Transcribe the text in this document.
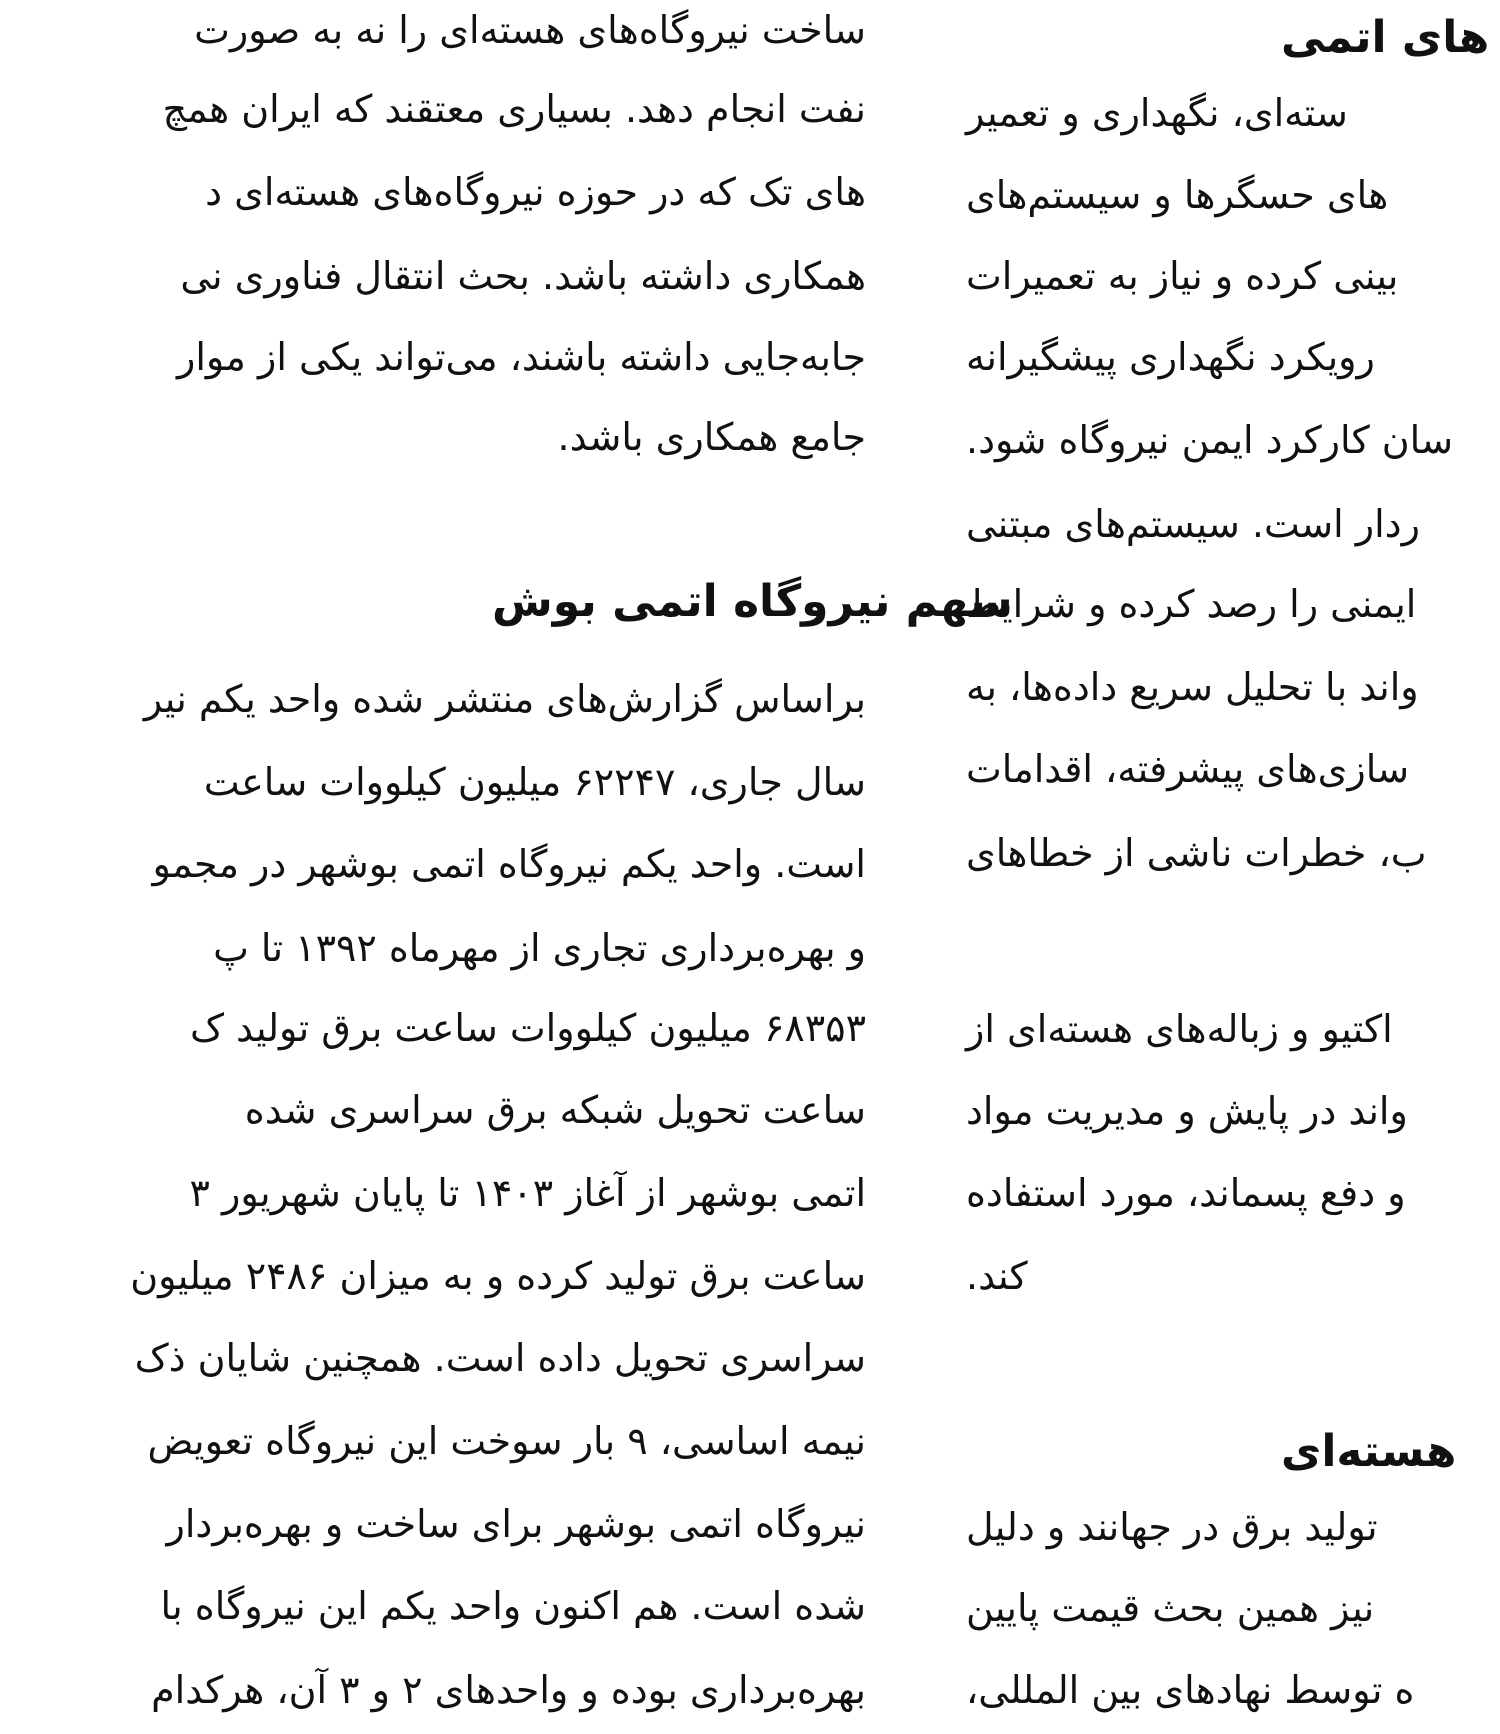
ساخت نیروگاه‌های هسته‌ای را نه به صورت
نفت انجام دهد. بسیاری معتقند که ایران همچ
های تک که در حوزه نیروگاه‌های هسته‌ای د
همکاری داشته باشد. بحث انتقال فناوری نی
جابه‌جایی داشته باشند، می‌تواند یکی از موار
جامع همکاری باشد.
سهم نیروگاه اتمی بوش
براساس گزارش‌های منتشر شده واحد یکم نیر
سال جاری، ۶۲۲۴۷ میلیون کیلووات ساعت
است. واحد یکم نیروگاه اتمی بوشهر در مجمو
و بهره‌برداری تجاری از مهرماه ۱۳۹۲ تا پ
۶۸۳۵۳ میلیون کیلووات ساعت برق تولید ک
ساعت تحویل شبکه برق سراسری شده
اتمی بوشهر از آغاز ۱۴۰۳ تا پایان شهریور ۳
ساعت برق تولید کرده و به میزان ۲۴۸۶ میلیون
سراسری تحویل داده است. همچنین شایان ذک
نیمه اساسی، ۹ بار سوخت این نیروگاه تعویض
نیروگاه اتمی بوشهر برای ساخت و بهره‌بردار
شده است. هم اکنون واحد یکم این نیروگاه با
بهره‌برداری بوده و واحدهای ۲ و ۳ آن، هرکدام
های اتمی
سته‌ای، نگهداری و تعمیر
های حسگرها و سیستم‌های
بینی کرده و نیاز به تعمیرات
رویکرد نگهداری پیشگیرانه
سان کارکرد ایمن نیروگاه شود.
ردار است. سیستم‌های مبتنی
ایمنی را رصد کرده و شرایط
واند با تحلیل سریع داده‌ها، به
سازی‌های پیشرفته، اقدامات
ب، خطرات ناشی از خطاهای
اکتیو و زباله‌های هسته‌ای از
واند در پایش و مدیریت مواد
و دفع پسماند، مورد استفاده
کند.
هسته‌ای
تولید برق در جهانند و دلیل
نیز همین بحث قیمت پایین
ه توسط نهادهای بین المللی،
